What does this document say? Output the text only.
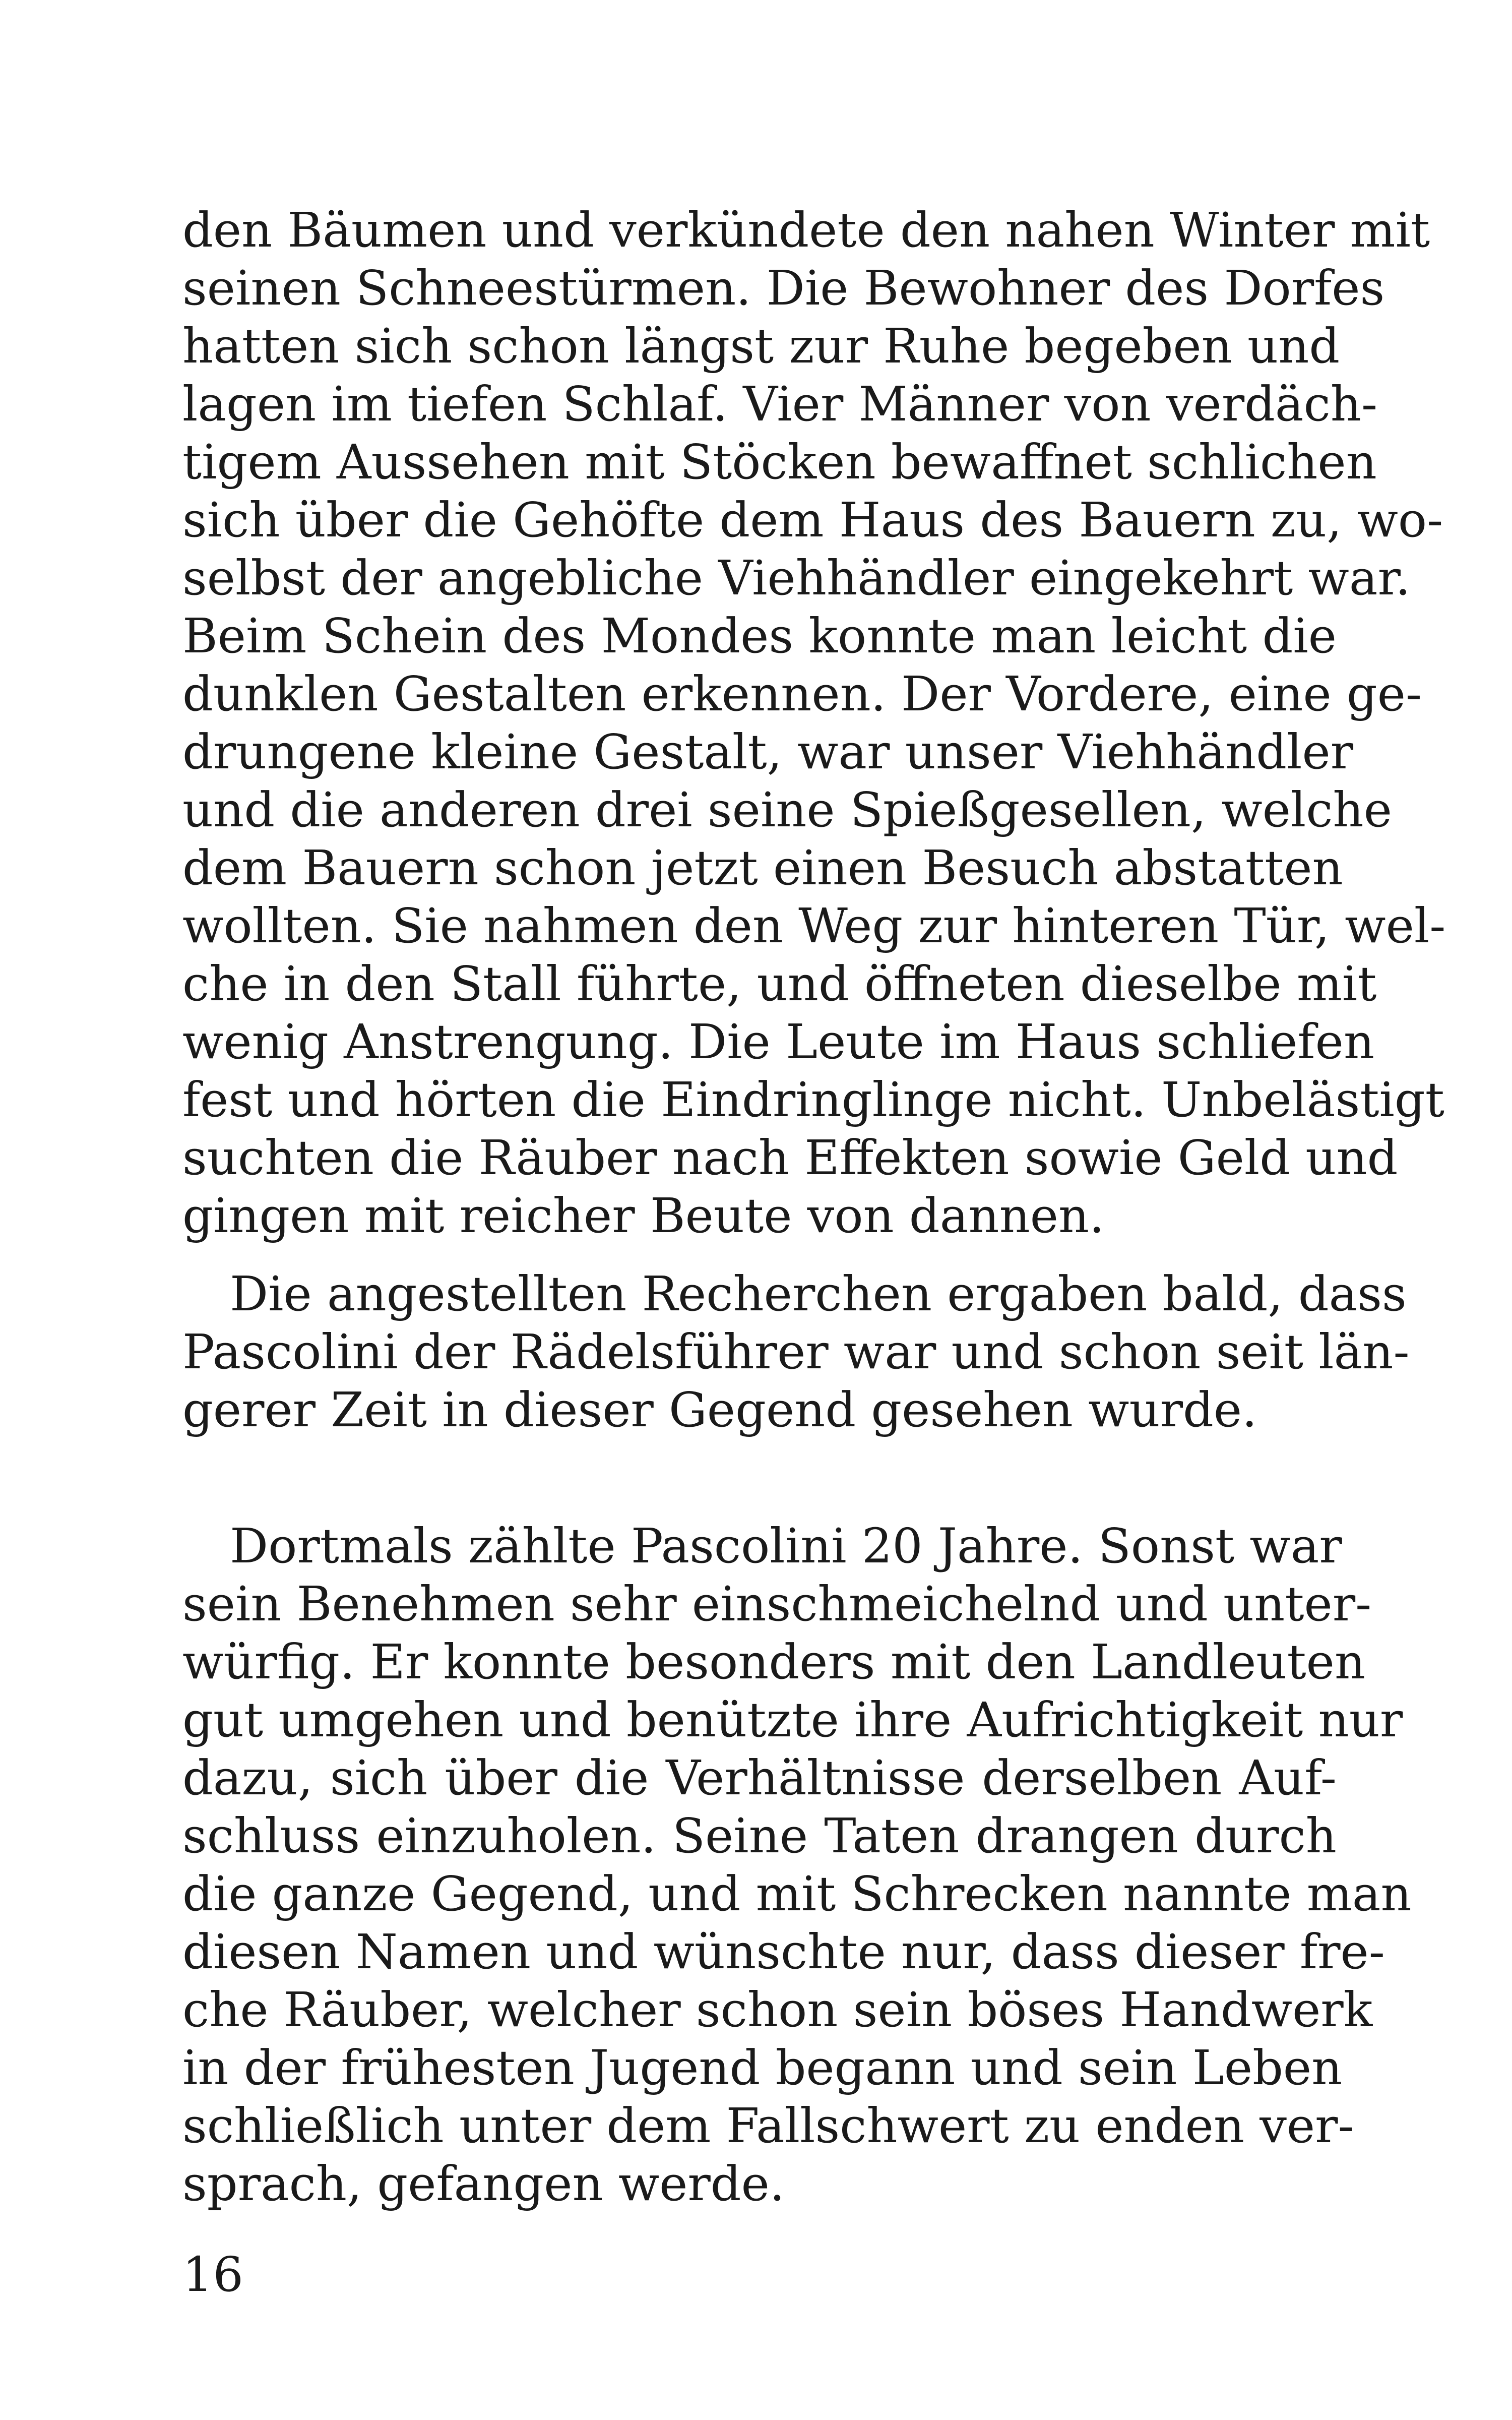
den Bäumen und verkündete den nahen Winter mit
seinen Schneestürmen. Die Bewohner des Dorfes
hatten sich schon längst zur Ruhe begeben und
lagen im tiefen Schlaf. Vier Männer von verdäch-
tigem Aussehen mit Stöcken bewaffnet schlichen
sich über die Gehöfte dem Haus des Bauern zu, wo-
selbst der angebliche Viehhändler eingekehrt war.
Beim Schein des Mondes konnte man leicht die
dunklen Gestalten erkennen. Der Vordere, eine ge-
drungene kleine Gestalt, war unser Viehhändler
und die anderen drei seine Spießgesellen, welche
dem Bauern schon jetzt einen Besuch abstatten
wollten. Sie nahmen den Weg zur hinteren Tür, wel-
che in den Stall führte, und öffneten dieselbe mit
wenig Anstrengung. Die Leute im Haus schliefen
fest und hörten die Eindringlinge nicht. Unbelästigt
suchten die Räuber nach Effekten sowie Geld und
gingen mit reicher Beute von dannen.
Die angestellten Recherchen ergaben bald, dass
Pascolini der Rädelsführer war und schon seit län-
gerer Zeit in dieser Gegend gesehen wurde.
Dortmals zählte Pascolini 20 Jahre. Sonst war
sein Benehmen sehr einschmeichelnd und unter-
würfig. Er konnte besonders mit den Landleuten
gut umgehen und benützte ihre Aufrichtigkeit nur
dazu, sich über die Verhältnisse derselben Auf-
schluss einzuholen. Seine Taten drangen durch
die ganze Gegend, und mit Schrecken nannte man
diesen Namen und wünschte nur, dass dieser fre-
che Räuber, welcher schon sein böses Handwerk
in der frühesten Jugend begann und sein Leben
schließlich unter dem Fallschwert zu enden ver-
sprach, gefangen werde.
16
